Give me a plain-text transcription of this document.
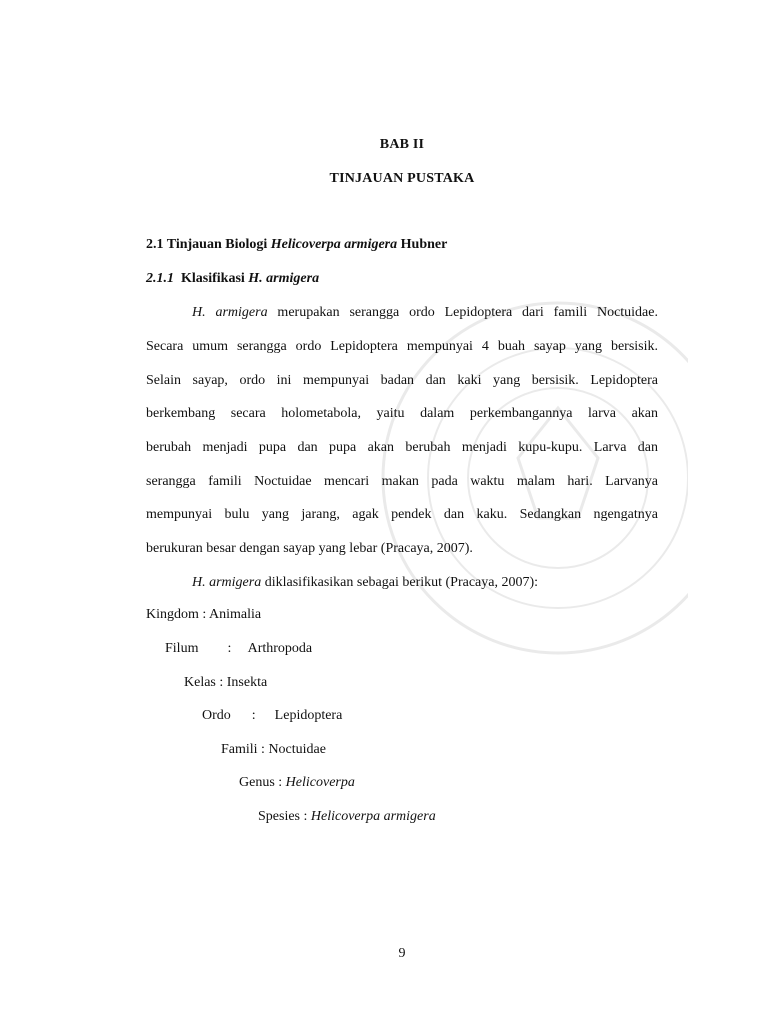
BAB II
TINJAUAN PUSTAKA
2.1 Tinjauan Biologi Helicoverpa armigera Hubner
2.1.1 Klasifikasi H. armigera
H. armigera merupakan serangga ordo Lepidoptera dari famili Noctuidae.
Secara umum serangga ordo Lepidoptera mempunyai 4 buah sayap yang bersisik.
Selain sayap, ordo ini mempunyai badan dan kaki yang bersisik. Lepidoptera
berkembang secara holometabola, yaitu dalam perkembangannya larva akan
berubah menjadi pupa dan pupa akan berubah menjadi kupu-kupu. Larva dan
serangga famili Noctuidae mencari makan pada waktu malam hari. Larvanya
mempunyai bulu yang jarang, agak pendek dan kaku. Sedangkan ngengatnya
berukuran besar dengan sayap yang lebar (Pracaya, 2007).
H. armigera diklasifikasikan sebagai berikut (Pracaya, 2007):
Kingdom : Animalia
Filum : Arthropoda
Kelas : Insekta
Ordo : Lepidoptera
Famili : Noctuidae
Genus : Helicoverpa
Spesies : Helicoverpa armigera
9
